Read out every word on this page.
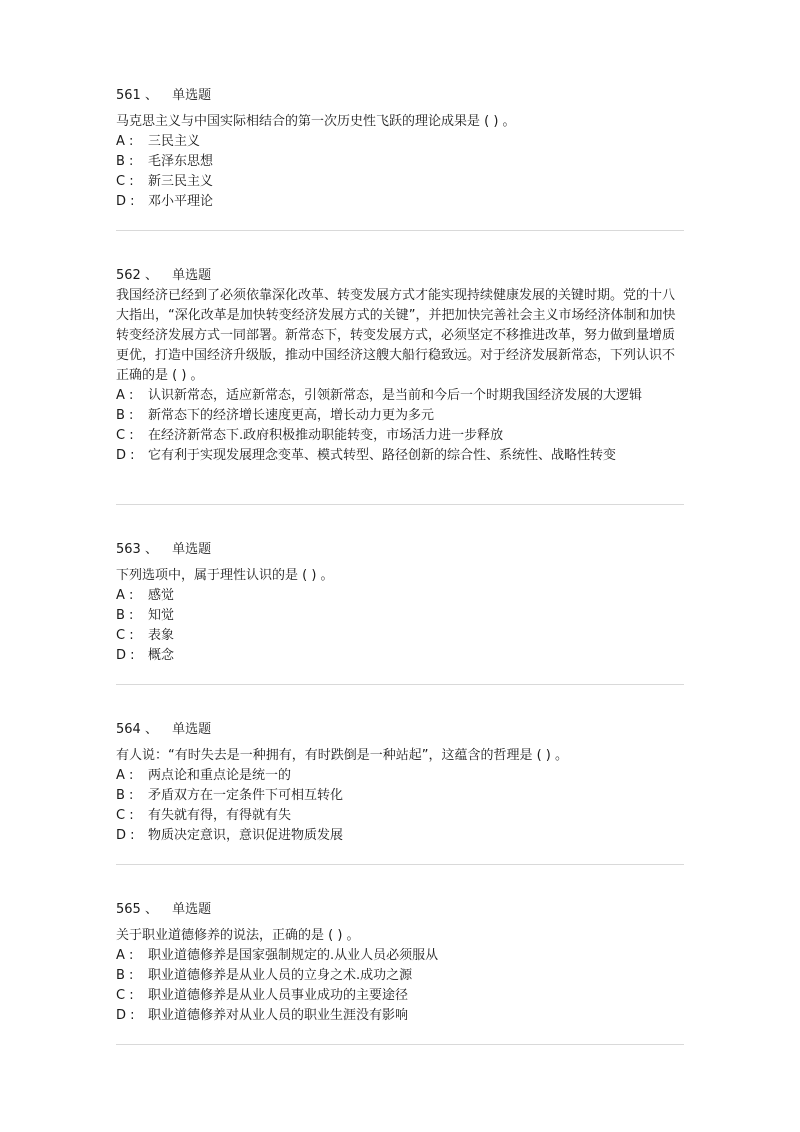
561 、 单选题
马克思主义与中国实际相结合的第一次历史性飞跃的理论成果是 ( ) 。
A : 三民主义
B : 毛泽东思想
C : 新三民主义
D : 邓小平理论
562 、 单选题
我国经济已经到了必须依靠深化改革、转变发展方式才能实现持续健康发展的关键时期。党的十八大指出，“深化改革是加快转变经济发展方式的关键”，并把加快完善社会主义市场经济体制和加快转变经济发展方式一同部署。新常态下，转变发展方式，必须坚定不移推进改革，努力做到量增质更优，打造中国经济升级版，推动中国经济这艘大船行稳致远。对于经济发展新常态，下列认识不正确的是 ( ) 。
A : 认识新常态，适应新常态，引领新常态，是当前和今后一个时期我国经济发展的大逻辑
B : 新常态下的经济增长速度更高，增长动力更为多元
C : 在经济新常态下.政府积极推动职能转变，市场活力进一步释放
D : 它有利于实现发展理念变革、模式转型、路径创新的综合性、系统性、战略性转变
563 、 单选题
下列选项中，属于理性认识的是 ( ) 。
A : 感觉
B : 知觉
C : 表象
D : 概念
564 、 单选题
有人说：“有时失去是一种拥有，有时跌倒是一种站起”，这蕴含的哲理是 ( ) 。
A : 两点论和重点论是统一的
B : 矛盾双方在一定条件下可相互转化
C : 有失就有得，有得就有失
D : 物质决定意识，意识促进物质发展
565 、 单选题
关于职业道德修养的说法，正确的是 ( ) 。
A : 职业道德修养是国家强制规定的.从业人员必须服从
B : 职业道德修养是从业人员的立身之术.成功之源
C : 职业道德修养是从业人员事业成功的主要途径
D : 职业道德修养对从业人员的职业生涯没有影响
